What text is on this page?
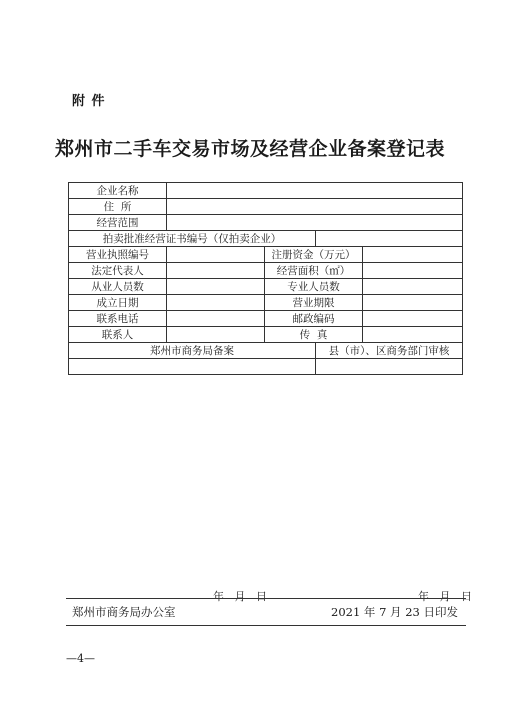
附 件
郑州市二手车交易市场及经营企业备案登记表
企业名称				
住  所				
经营范围				
拍卖批准经营证书编号（仅拍卖企业）				
营业执照编号		注册资金（万元）		
法定代表人		经营面积（㎡）		
从业人员数		专业人员数		
成立日期		营业期限		
联系电话		邮政编码		
联系人		传  真		
郑州市商务局备案			县（市）、区商务部门审核	

年   月   日			年   月   日	
郑州市商务局办公室	2021 年 7 月 23 日印发
—4—
